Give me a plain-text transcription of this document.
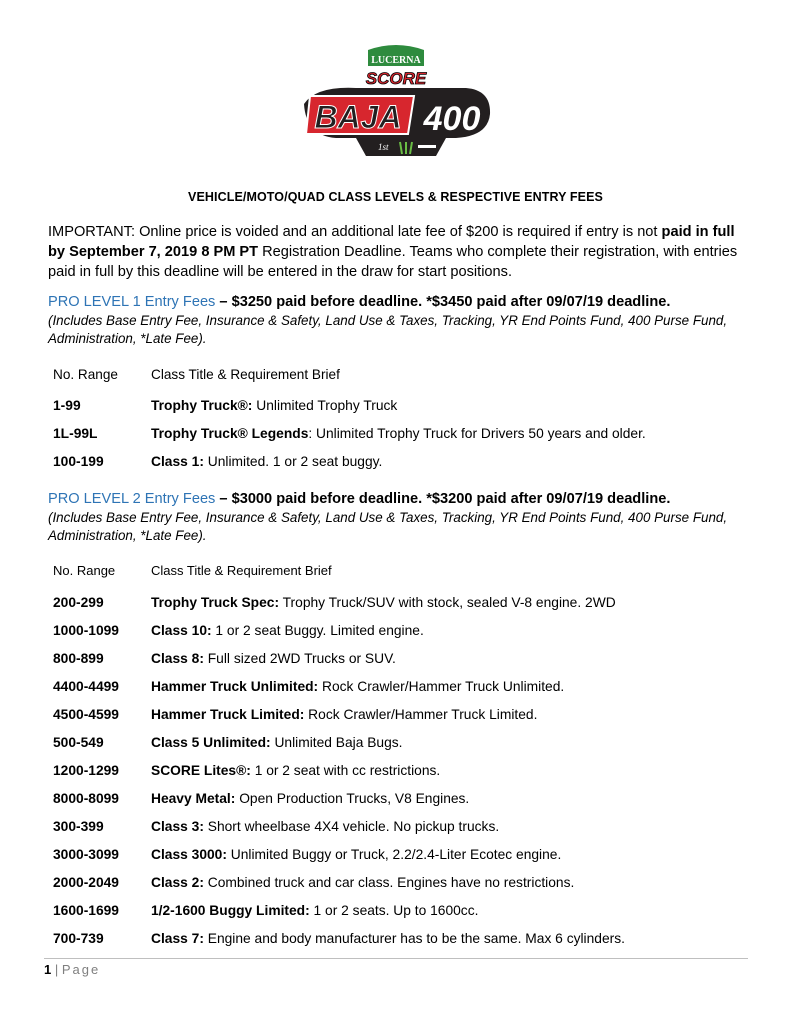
LUCERNA
SCORE
BAJA 400
1st
VEHICLE/MOTO/QUAD CLASS LEVELS & RESPECTIVE ENTRY FEES
IMPORTANT: Online price is voided and an additional late fee of $200 is required if entry is not paid in full by September 7, 2019 8 PM PT Registration Deadline. Teams who complete their registration, with entries paid in full by this deadline will be entered in the draw for start positions.
PRO LEVEL 1 Entry Fees – $3250 paid before deadline. *$3450 paid after 09/07/19 deadline.
(Includes Base Entry Fee, Insurance & Safety, Land Use & Taxes, Tracking, YR End Points Fund, 400 Purse Fund, Administration, *Late Fee).
No. Range Class Title & Requirement Brief
1-99	Trophy Truck®: Unlimited Trophy Truck
1L-99L	Trophy Truck® Legends: Unlimited Trophy Truck for Drivers 50 years and older.
100-199	Class 1: Unlimited. 1 or 2 seat buggy.
PRO LEVEL 2 Entry Fees – $3000 paid before deadline. *$3200 paid after 09/07/19 deadline.
(Includes Base Entry Fee, Insurance & Safety, Land Use & Taxes, Tracking, YR End Points Fund, 400 Purse Fund, Administration, *Late Fee).
No. Range	Class Title & Requirement Brief
200-299	Trophy Truck Spec: Trophy Truck/SUV with stock, sealed V-8 engine. 2WD
1000-1099 Class 10: 1 or 2 seat Buggy. Limited engine.
800-899	Class 8: Full sized 2WD Trucks or SUV.
4400-4499 Hammer Truck Unlimited: Rock Crawler/Hammer Truck Unlimited.
4500-4599 Hammer Truck Limited: Rock Crawler/Hammer Truck Limited.
500-549	Class 5 Unlimited: Unlimited Baja Bugs.
1200-1299 SCORE Lites®: 1 or 2 seat with cc restrictions.
8000-8099 Heavy Metal: Open Production Trucks, V8 Engines.
300-399	Class 3: Short wheelbase 4X4 vehicle. No pickup trucks.
3000-3099 Class 3000: Unlimited Buggy or Truck, 2.2/2.4-Liter Ecotec engine.
2000-2049 Class 2: Combined truck and car class. Engines have no restrictions.
1600-1699 1/2-1600 Buggy Limited: 1 or 2 seats. Up to 1600cc.
700-739	Class 7: Engine and body manufacturer has to be the same. Max 6 cylinders.
1 | Page
